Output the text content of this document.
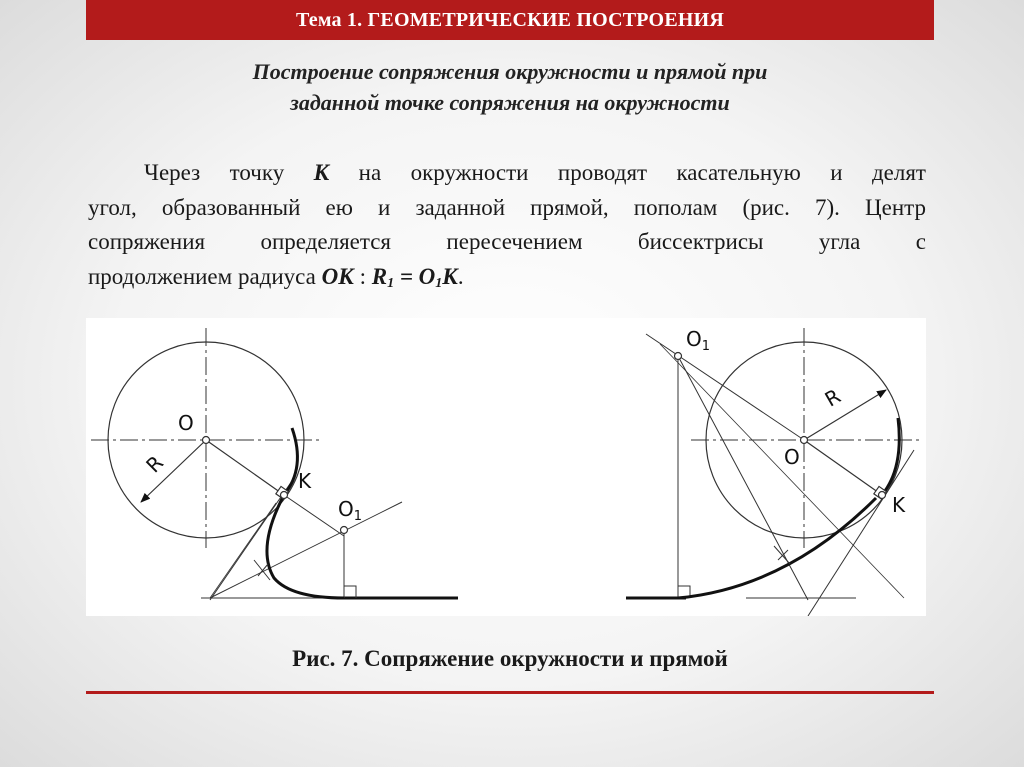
Тема 1. ГЕОМЕТРИЧЕСКИЕ ПОСТРОЕНИЯ
Построение сопряжения окружности и прямой при
заданной точке сопряжения на окружности
Через точку К на окружности проводят касательную и делят
угол, образованный ею и заданной прямой, пополам (рис. 7). Центр
сопряжения определяется пересечением биссектрисы угла с
продолжением радиуса ОК : $R_1 = О_1К$.
O
R
K
$O_1$
O
R
K
$O_1$
Рис. 7. Сопряжение окружности и прямой
